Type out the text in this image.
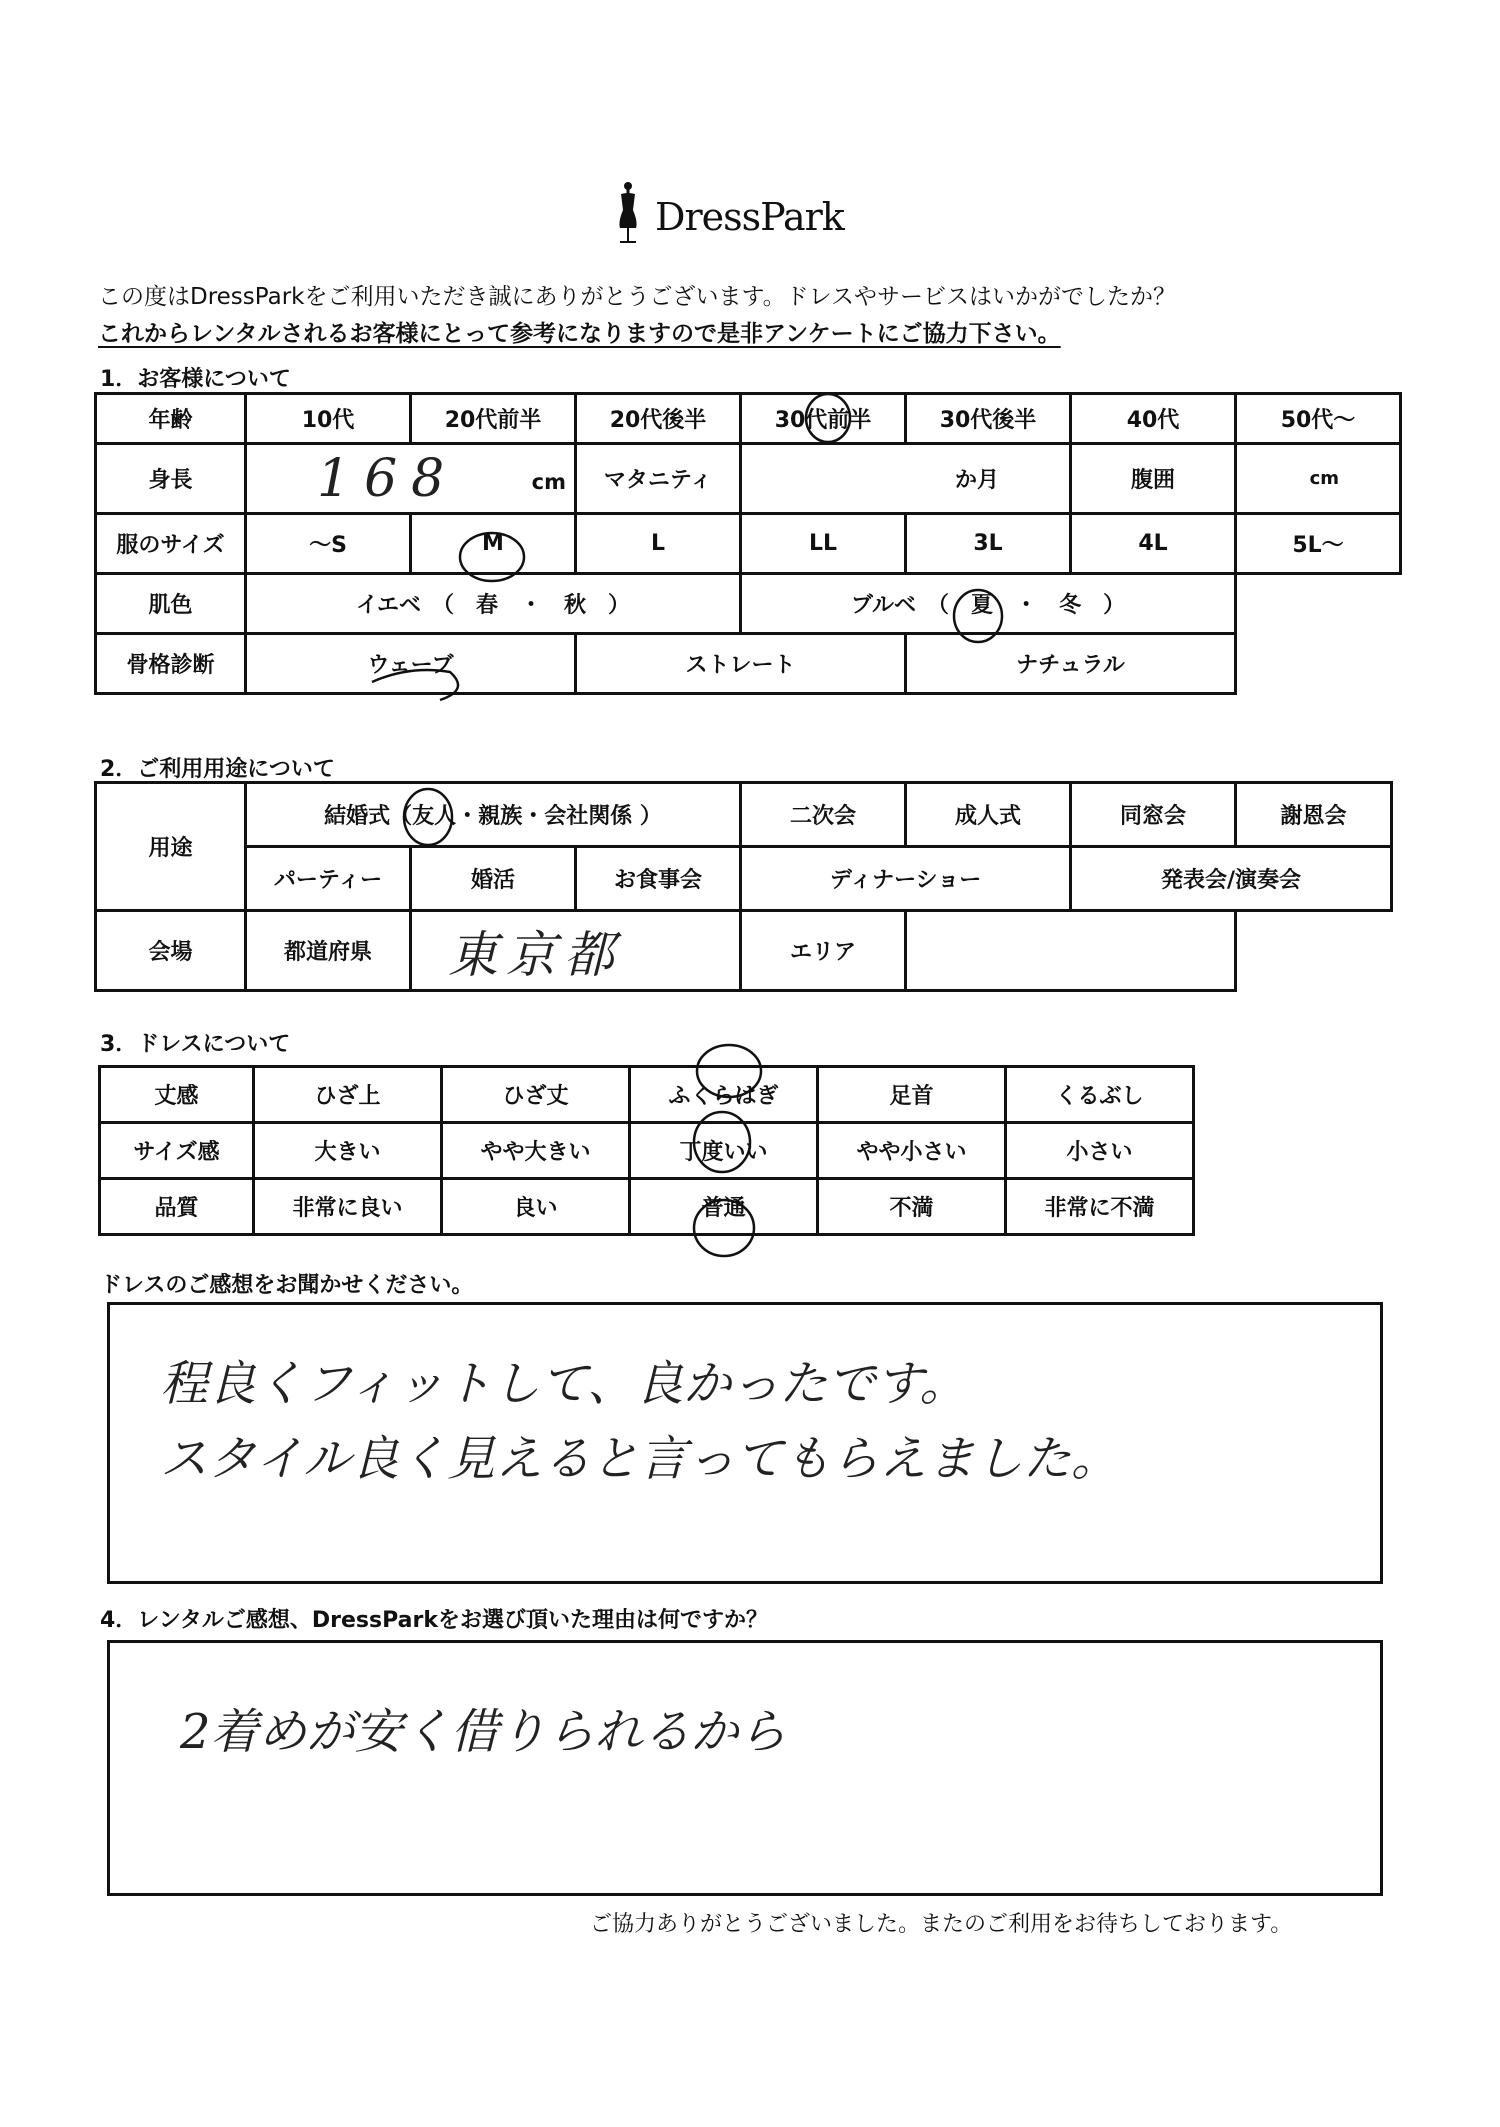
DressPark
この度はDressParkをご利用いただき誠にありがとうございます。ドレスやサービスはいかがでしたか？
これからレンタルされるお客様にとって参考になりますので是非アンケートにご協力下さい。
1．お客様について
年齢	10代	20代前半	20代後半	30代前半	30代後半	40代	50代～
身長	168 cm		マタニティ	か月		腹囲	cm
服のサイズ	～S	M	L	LL	3L	4L	5L～
肌色	イエベ　（　春　・　秋　）			ブルベ　（　 夏　 ・　冬　）			
骨格診断	ウェーブ		ストレート		ナチュラル		
2．ご利用用途について
用途	結婚式（友人・親族・会社関係 ）			二次会	成人式	同窓会	謝恩会
	パーティー	婚活	お食事会	ディナーショー		発表会/演奏会	
会場	都道府県	東京都		エリア			
3．ドレスについて
丈感	ひざ上	ひざ丈	ふくらはぎ	足首	くるぶし
サイズ感	大きい	やや大きい	丁度いい	やや小さい	小さい
品質	非常に良い	良い	普通	不満	非常に不満
ドレスのご感想をお聞かせください。
程良くフィットして、良かったです。
スタイル良く見えると言ってもらえました。
4．レンタルご感想、DressParkをお選び頂いた理由は何ですか？
2着めが安く借りられるから
ご協力ありがとうございました。またのご利用をお待ちしております。
